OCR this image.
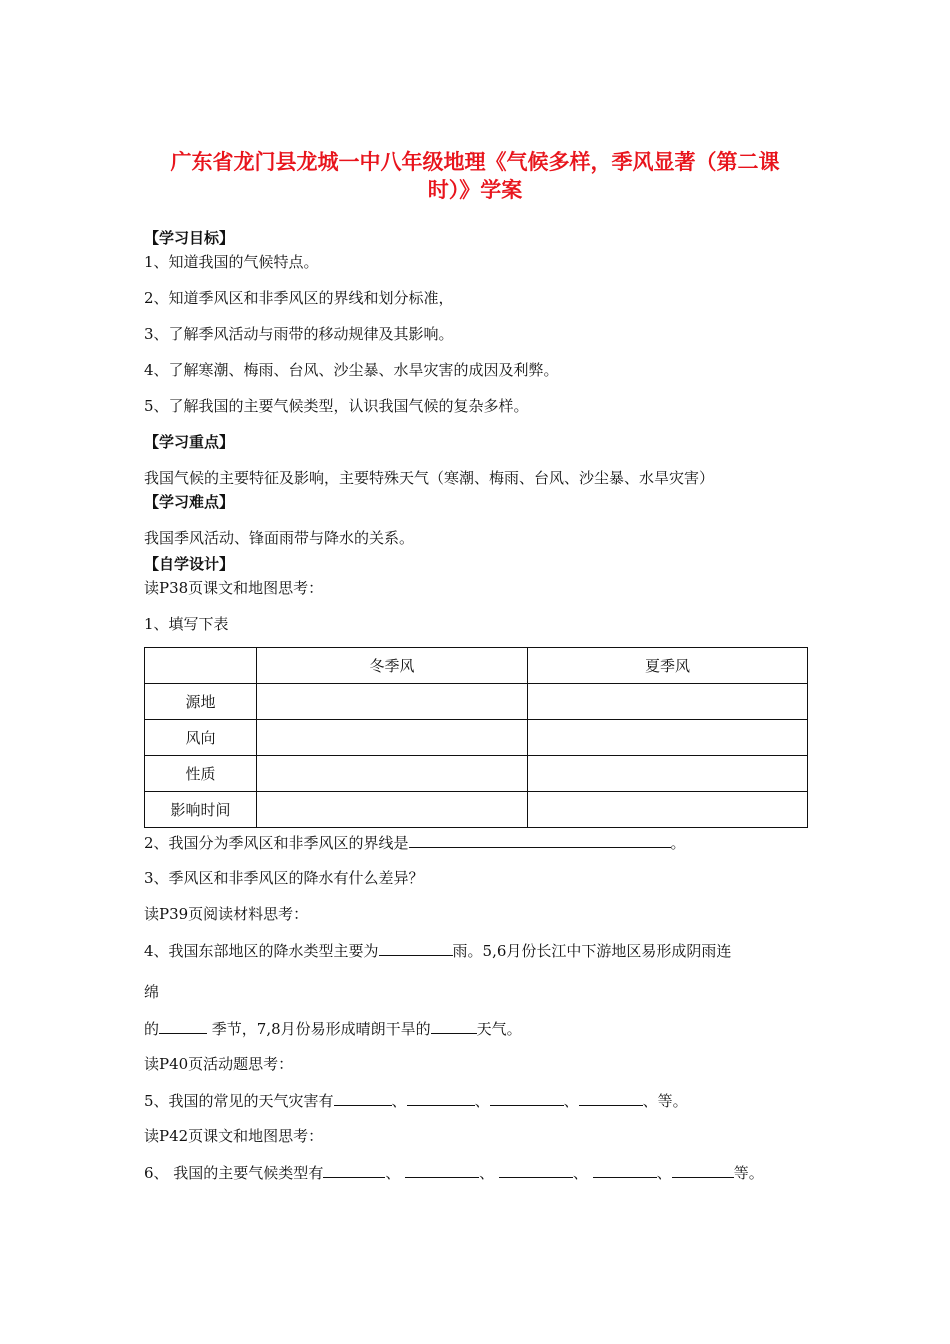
广东省龙门县龙城一中八年级地理《气候多样，季风显著（第二课
时）》学案
【学习目标】
1、知道我国的气候特点。
2、知道季风区和非季风区的界线和划分标准，
3、了解季风活动与雨带的移动规律及其影响。
4、了解寒潮、梅雨、台风、沙尘暴、水旱灾害的成因及利弊。
5、了解我国的主要气候类型，认识我国气候的复杂多样。
【学习重点】
我国气候的主要特征及影响，主要特殊天气（寒潮、梅雨、台风、沙尘暴、水旱灾害）
【学习难点】
我国季风活动、锋面雨带与降水的关系。
【自学设计】
读P38页课文和地图思考：
1、填写下表
	冬季风	夏季风
源地		
风向		
性质		
影响时间		
2、我国分为季风区和非季风区的界线是	。
3、季风区和非季风区的降水有什么差异？
读P39页阅读材料思考：
4、我国东部地区的降水类型主要为	雨。5,6月份长江中下游地区易形成阴雨连
绵
的	季节，7,8月份易形成晴朗干旱的	天气。
读P40页活动题思考：
5、我国的常见的天气灾害有	、	、	、	、等。
读P42页课文和地图思考：
6、 我国的主要气候类型有	、	、	、	、	等。
